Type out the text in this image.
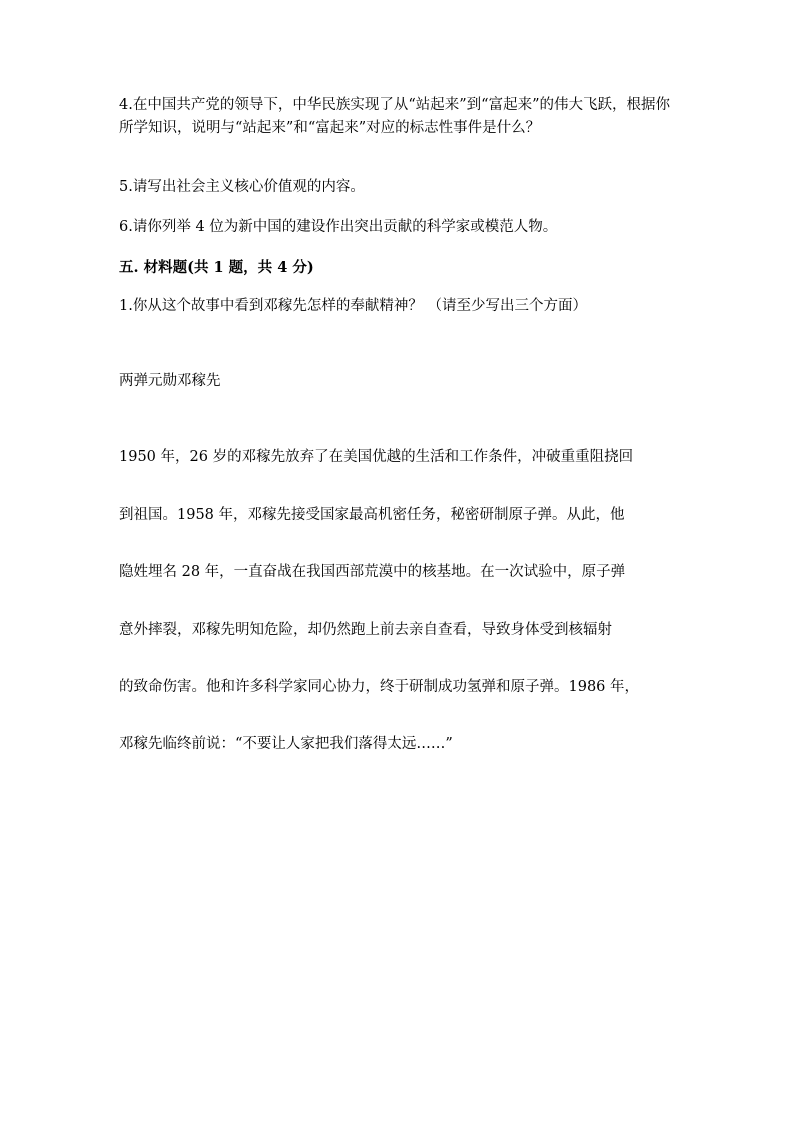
4.在中国共产党的领导下，中华民族实现了从“站起来”到“富起来”的伟大飞跃，根据你所学知识，说明与“站起来”和“富起来”对应的标志性事件是什么？

5.请写出社会主义核心价值观的内容。

6.请你列举 4 位为新中国的建设作出突出贡献的科学家或模范人物。

五. 材料题(共 1 题，共 4 分)

1.你从这个故事中看到邓稼先怎样的奉献精神？ （请至少写出三个方面）

两弹元勋邓稼先

1950 年，26 岁的邓稼先放弃了在美国优越的生活和工作条件，冲破重重阻挠回

到祖国。1958 年，邓稼先接受国家最高机密任务，秘密研制原子弹。从此，他

隐姓埋名 28 年，一直奋战在我国西部荒漠中的核基地。在一次试验中，原子弹

意外摔裂，邓稼先明知危险，却仍然跑上前去亲自查看，导致身体受到核辐射

的致命伤害。他和许多科学家同心协力，终于研制成功氢弹和原子弹。1986 年，

邓稼先临终前说：“不要让人家把我们落得太远……”
